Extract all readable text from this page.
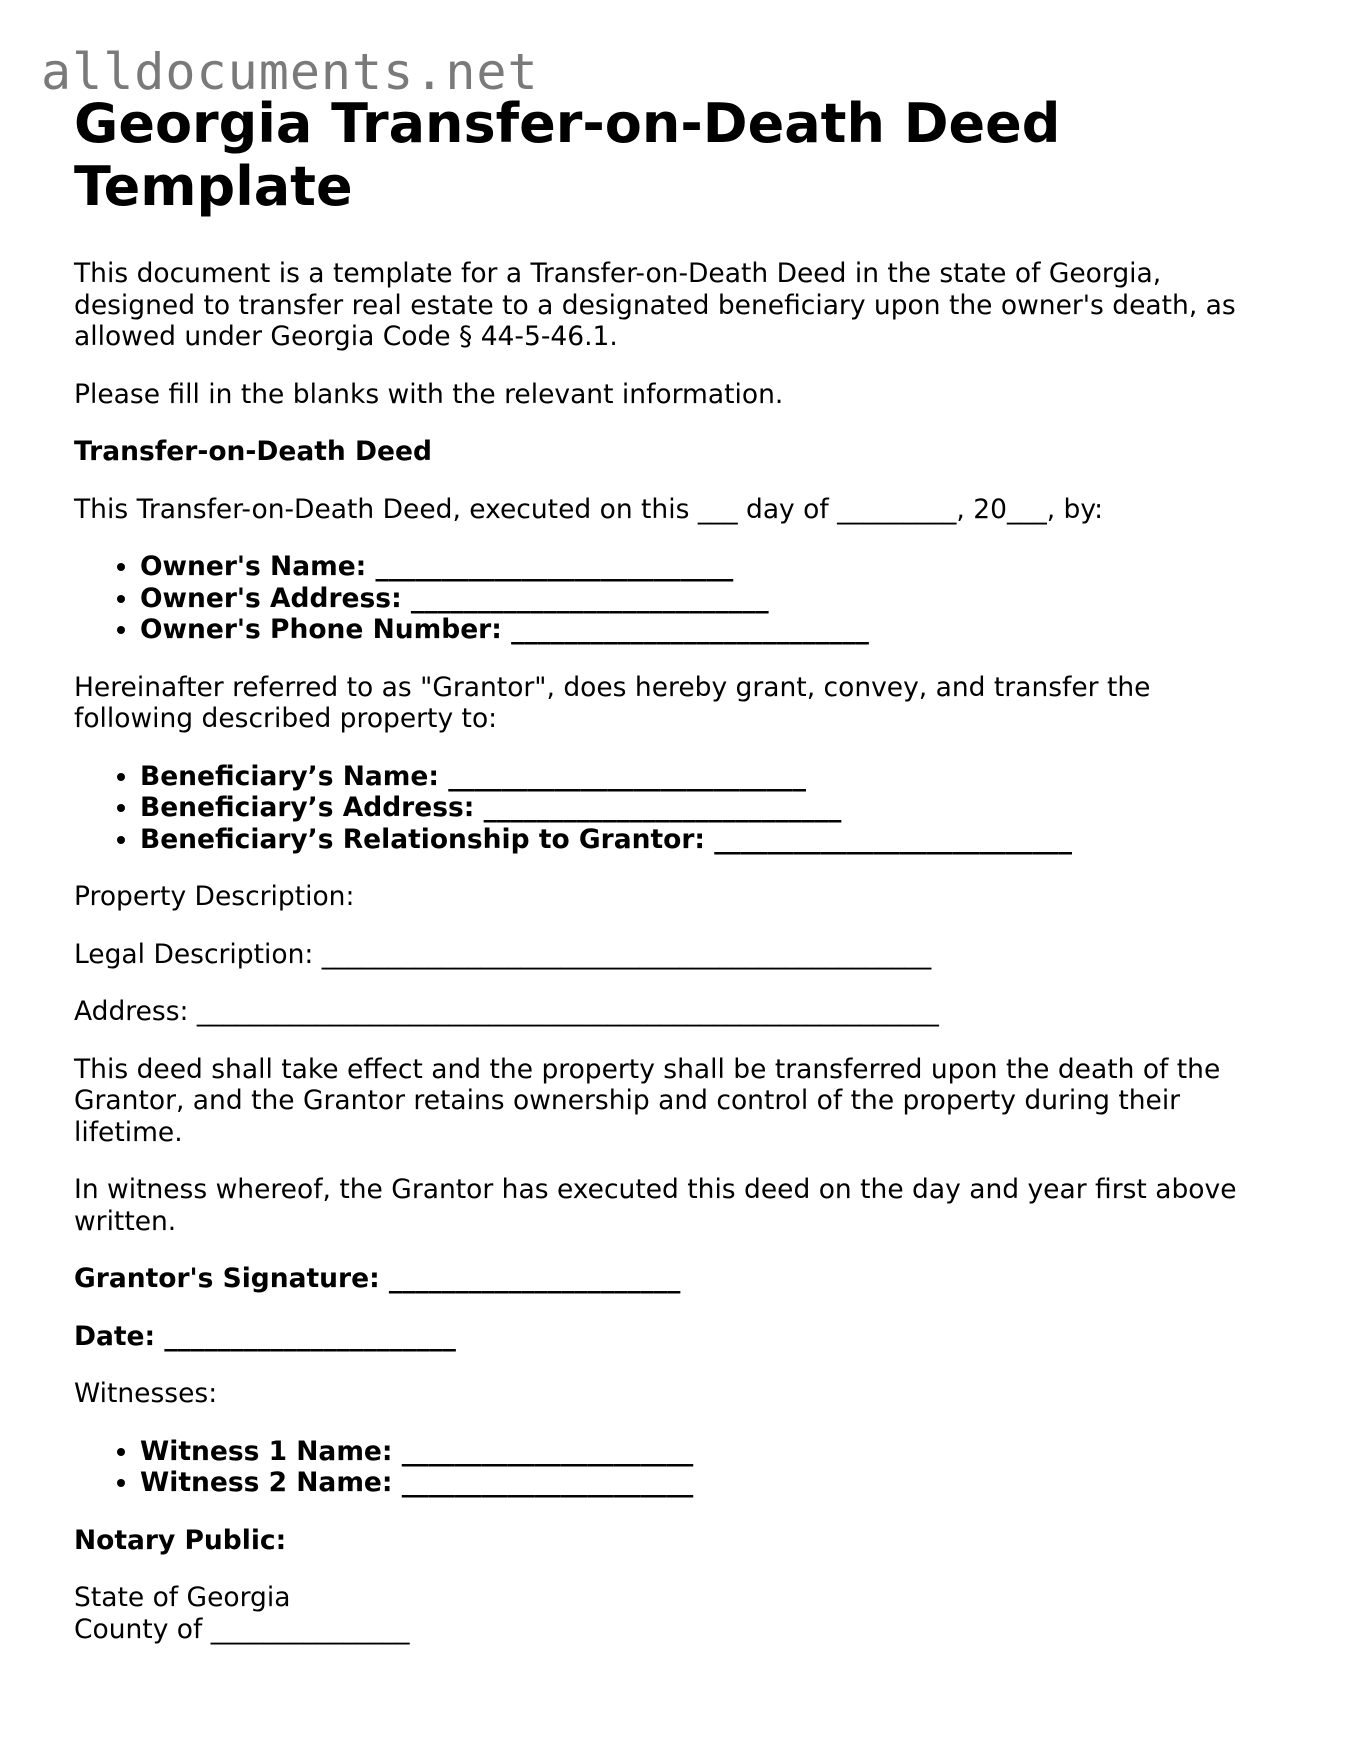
alldocuments.net
Georgia Transfer-on-Death Deed Template

This document is a template for a Transfer-on-Death Deed in the state of Georgia, designed to transfer real estate to a designated beneficiary upon the owner's death, as allowed under Georgia Code § 44-5-46.1.

Please fill in the blanks with the relevant information.

Transfer-on-Death Deed

This Transfer-on-Death Deed, executed on this ___ day of _________, 20___, by:

• Owner's Name: ___________________________
• Owner's Address: ___________________________
• Owner's Phone Number: ___________________________

Hereinafter referred to as "Grantor", does hereby grant, convey, and transfer the following described property to:

• Beneficiary’s Name: ___________________________
• Beneficiary’s Address: ___________________________
• Beneficiary’s Relationship to Grantor: ___________________________

Property Description:

Legal Description: ______________________________________________

Address: ________________________________________________________

This deed shall take effect and the property shall be transferred upon the death of the Grantor, and the Grantor retains ownership and control of the property during their lifetime.

In witness whereof, the Grantor has executed this deed on the day and year first above written.

Grantor's Signature: ______________________

Date: ______________________

Witnesses:

• Witness 1 Name: ______________________
• Witness 2 Name: ______________________

Notary Public:

State of Georgia

County of _______________
